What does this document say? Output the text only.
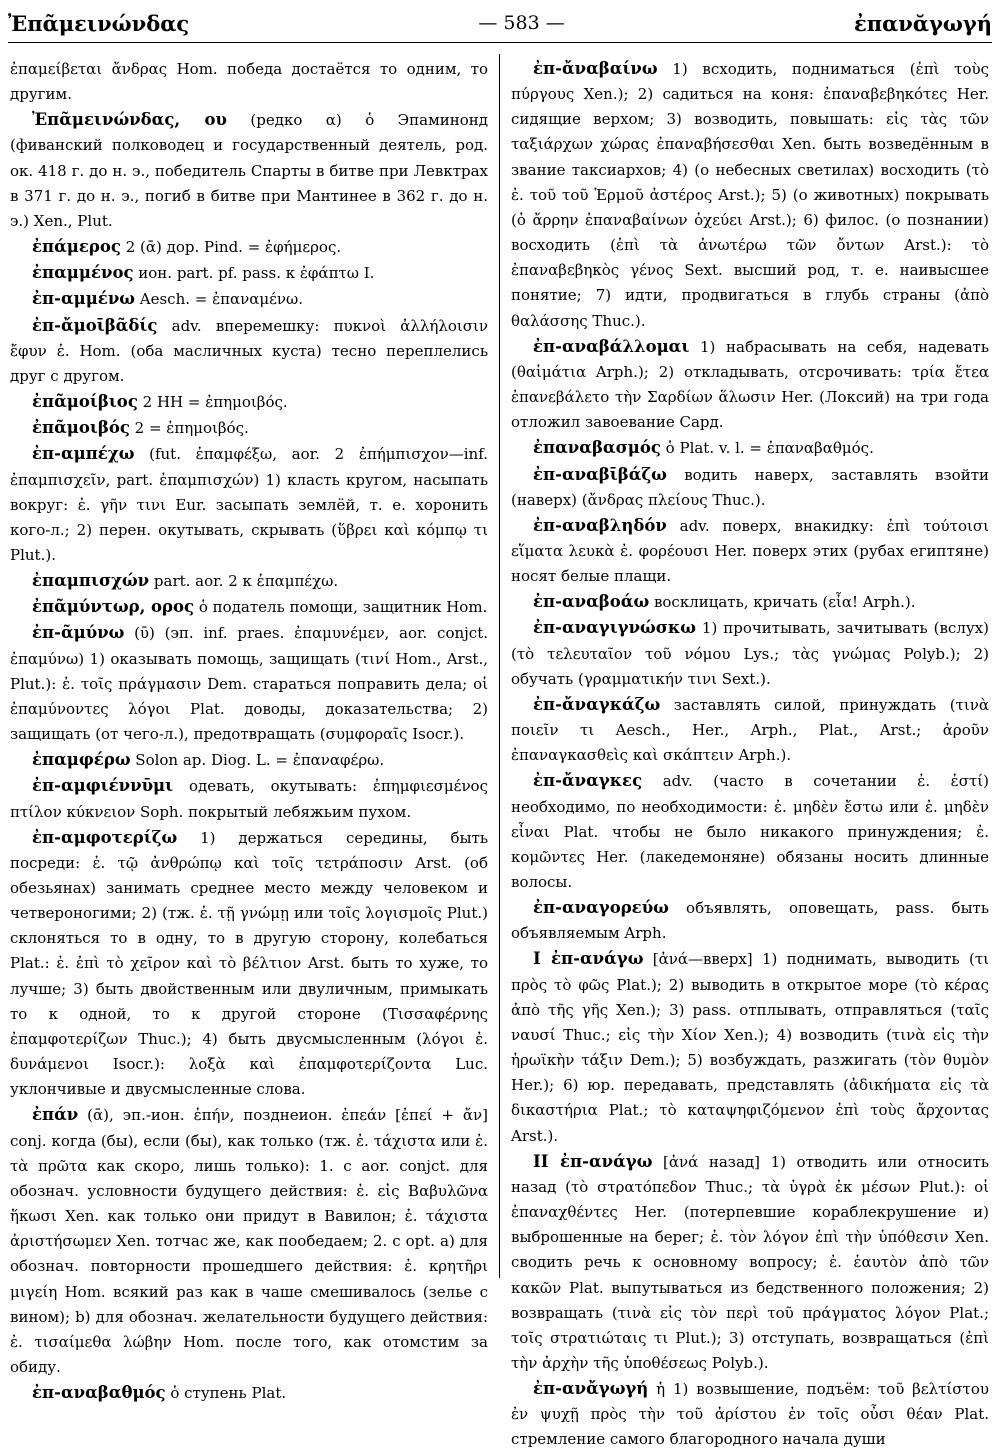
Ἐπᾶμεινώνδας	— 583 —	ἐπανᾰγωγή

ἐπαμείβεται ἄνδρας Hom. победа достаётся то одним, то другим.

Ἐπᾶμεινώνδας, ου (редко α) ὁ Эпаминонд (фиванский полководец и государственный деятель, род. ок. 418 г. до н. э., победитель Спарты в битве при Левктрах в 371 г. до н. э., погиб в битве при Мантинее в 362 г. до н. э.) Xen., Plut.

ἐπάμερος 2 (ᾱ) дор. Pind. = ἐφήμερος.

ἐπαμμένος ион. part. pf. pass. к ἐφάπτω I.

ἐπ-αμμένω Aesch. = ἐπαναμένω.

ἐπ-ἄμοῑβᾶδίς adv. вперемешку: πυκνοὶ ἀλλήλοισιν ἔφυν ἐ. Hom. (оба масличных куста) тесно переплелись друг с другом.

ἐπᾶμοίβιος 2 HH = ἐπημοιβός.

ἐπᾶμοιβός 2 = ἐπημοιβός.

ἐπ-αμπέχω (fut. ἐπαμφέξω, aor. 2 ἐπήμπισχον—inf. ἐπαμπισχεῖν, part. ἐπαμπισχών) 1) класть кругом, насыпать вокруг: ἐ. γῆν τινι Eur. засыпать землёй, т. е. хоронить кого-л.; 2) перен. окутывать, скрывать (ὕβρει καὶ κόμπῳ τι Plut.).

ἐπαμπισχών part. aor. 2 к ἐπαμπέχω.

ἐπᾶμύντωρ, ορος ὁ податель помощи, защитник Hom.

ἐπ-ᾶμύνω (ῡ) (эп. inf. praes. ἐπαμυνέμεν, aor. conjct. ἐπαμύνω) 1) оказывать помощь, защищать (τινί Hom., Arst., Plut.): ἐ. τοῖς πράγμασιν Dem. стараться поправить дела; οἱ ἐπαμύνοντες λόγοι Plat. доводы, доказательства; 2) защищать (от чего-л.), предотвращать (συμφοραῖς Isocr.).

ἐπαμφέρω Solon ap. Diog. L. = ἐπαναφέρω.

ἐπ-αμφιέννῡμι одевать, окутывать: ἐπημφιεσμένος πτίλον κύκνειον Soph. покрытый лебяжьим пухом.

ἐπ-αμφοτερίζω 1) держаться середины, быть посреди: ἐ. τῷ ἀνθρώπῳ καὶ τοῖς τετράποσιν Arst. (об обезьянах) занимать среднее место между человеком и четвероногими; 2) (тж. ἐ. τῇ γνώμῃ или τοῖς λογισμοῖς Plut.) склоняться то в одну, то в другую сторону, колебаться Plat.: ἐ. ἐπὶ τὸ χεῖρον καὶ τὸ βέλτιον Arst. быть то хуже, то лучше; 3) быть двойственным или двуличным, примыкать то к одной, то к другой стороне (Τισσαφέρνης ἐπαμφοτερίζων Thuc.); 4) быть двусмысленным (λόγοι ἐ. δυνάμενοι Isocr.): λοξὰ καὶ ἐπαμφοτερίζοντα Luc. уклончивые и двусмысленные слова.

ἐπάν (ᾱ), эп.-ион. ἐπήν, позднеион. ἐπεάν [ἐπεί + ἄν] conj. когда (бы), если (бы), как только (тж. ἐ. τάχιστα или ἐ. τὰ πρῶτα как скоро, лишь только): 1. с aor. conjct. для обознач. условности будущего действия: ἐ. εἰς Βαβυλῶνα ἥκωσι Xen. как только они придут в Вавилон; ἐ. τάχιστα ἀριστήσωμεν Xen. тотчас же, как пообедаем; 2. с opt. а) для обознач. повторности прошедшего действия: ἐ. κρητῆρι μιγείη Hom. всякий раз как в чаше смешивалось (зелье с вином); b) для обознач. желательности будущего действия: ἐ. τισαίμεθα λώβην Hom. после того, как отомстим за обиду.

ἐπ-αναβαθμός ὁ ступень Plat.

ἐπ-ἄναβαίνω 1) всходить, подниматься (ἐπὶ τοὺς πύργους Xen.); 2) садиться на коня: ἐπαναβεβηκότες Her. сидящие верхом; 3) возводить, повышать: εἰς τὰς τῶν ταξιάρχων χώρας ἐπαναβήσεσθαι Xen. быть возведённым в звание таксиархов; 4) (о небесных светилах) восходить (τὸ ἐ. τοῦ τοῦ Ἑρμοῦ ἀστέρος Arst.); 5) (о животных) покрывать (ὁ ἄρρην ἐπαναβαίνων ὀχεύει Arst.); 6) филос. (о познании) восходить (ἐπὶ τὰ ἀνωτέρω τῶν ὄντων Arst.): τὸ ἐπαναβεβηκὸς γένος Sext. высший род, т. е. наивысшее понятие; 7) идти, продвигаться в глубь страны (ἀπὸ θαλάσσης Thuc.).

ἐπ-αναβάλλομαι 1) набрасывать на себя, надевать (θαἰμάτια Arph.); 2) откладывать, отсрочивать: τρία ἔτεα ἐπανεβάλετο τὴν Σαρδίων ἅλωσιν Her. (Локсий) на три года отложил завоевание Сард.

ἐπαναβασμός ὁ Plat. v. l. = ἐπαναβαθμός.

ἐπ-αναβῑβάζω водить наверх, заставлять взойти (наверх) (ἄνδρας πλείους Thuc.).

ἐπ-αναβληδόν adv. поверх, внакидку: ἐπὶ τούτοισι εἵματα λευκὰ ἐ. φορέουσι Her. поверх этих (рубах египтяне) носят белые плащи.

ἐπ-αναβοάω восклицать, кричать (εἶα! Arph.).

ἐπ-αναγιγνώσκω 1) прочитывать, зачитывать (вслух) (τὸ τελευταῖον τοῦ νόμου Lys.; τὰς γνώμας Polyb.); 2) обучать (γραμματικήν τινι Sext.).

ἐπ-ἄναγκάζω заставлять силой, принуждать (τινὰ ποιεῖν τι Aesch., Her., Arph., Plat., Arst.; ἀροῦν ἐπαναγκασθεὶς καὶ σκάπτειν Arph.).

ἐπ-ἄναγκες adv. (часто в сочетании ἐ. ἐστί) необходимо, по необходимости: ἐ. μηδὲν ἔστω или ἐ. μηδὲν εἶναι Plat. чтобы не было никакого принуждения; ἐ. κομῶντες Her. (лакедемоняне) обязаны носить длинные волосы.

ἐπ-αναγορεύω объявлять, оповещать, pass. быть объявляемым Arph.

I ἐπ-ανάγω [ἀνά—вверх] 1) поднимать, выводить (τι πρὸς τὸ φῶς Plat.); 2) выводить в открытое море (τὸ κέρας ἀπὸ τῆς γῆς Xen.); 3) pass. отплывать, отправляться (ταῖς ναυσί Thuc.; εἰς τὴν Χίον Xen.); 4) возводить (τινὰ εἰς τὴν ἡρωϊκὴν τάξιν Dem.); 5) возбуждать, разжигать (τὸν θυμὸν Her.); 6) юр. передавать, представлять (ἀδικήματα εἰς τὰ δικαστήρια Plat.; τὸ καταψηφιζόμενον ἐπὶ τοὺς ἄρχοντας Arst.).

II ἐπ-ανάγω [ἀνά назад] 1) отводить или относить назад (τὸ στρατόπεδον Thuc.; τὰ ὑγρὰ ἐκ μέσων Plut.): οἱ ἐπαναχθέντες Her. (потерпевшие кораблекрушение и) выброшенные на берег; ἐ. τὸν λόγον ἐπὶ τὴν ὑπόθεσιν Xen. сводить речь к основному вопросу; ἐ. ἑαυτὸν ἀπὸ τῶν κακῶν Plat. выпутываться из бедственного положения; 2) возвращать (τινὰ εἰς τὸν περὶ τοῦ πράγματος λόγον Plat.; τοῖς στρατιώταις τι Plut.); 3) отступать, возвращаться (ἐπὶ τὴν ἀρχὴν τῆς ὑποθέσεως Polyb.).

ἐπ-ανἄγωγή ἡ 1) возвышение, подъём: τοῦ βελτίστου ἐν ψυχῇ πρὸς τὴν τοῦ ἀρίστου ἐν τοῖς οὖσι θέαν Plat. стремление самого благородного начала души
